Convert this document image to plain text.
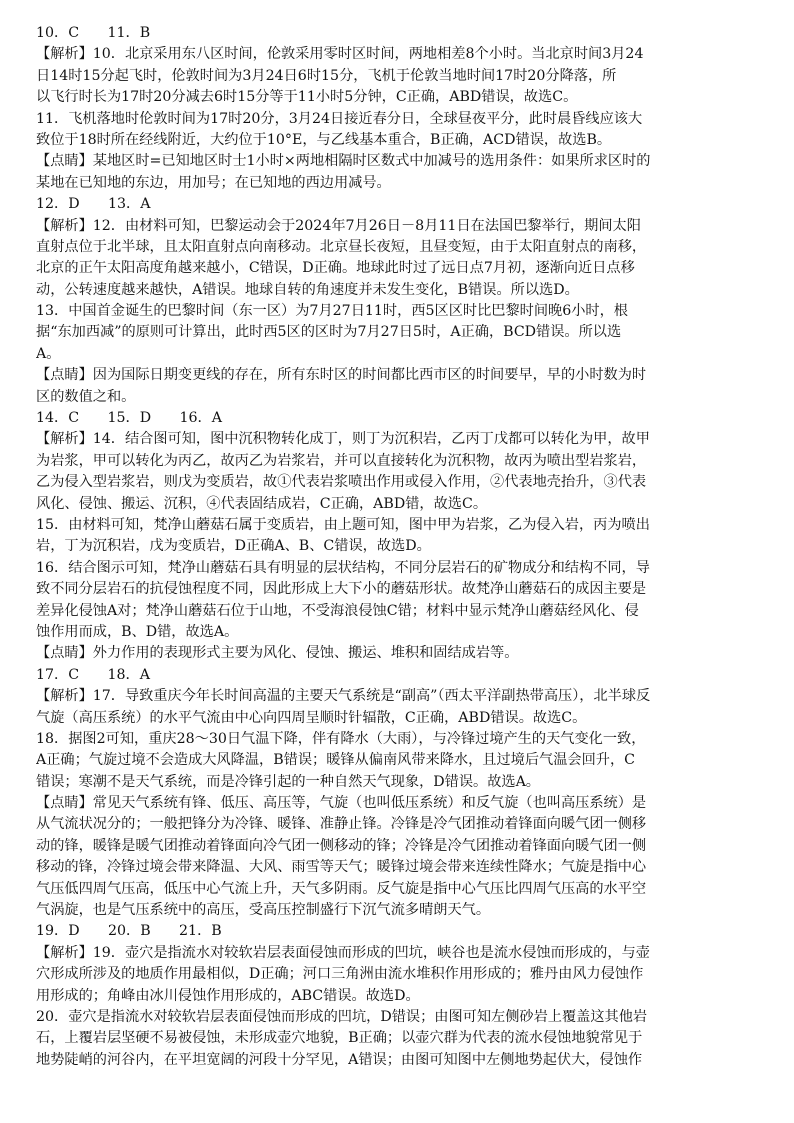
10．C　　11．B
【解析】10．北京采用东八区时间，伦敦采用零时区时间，两地相差8个小时。当北京时间3月24
日14时15分起飞时，伦敦时间为3月24日6时15分，飞机于伦敦当地时间17时20分降落，所
以飞行时长为17时20分减去6时15分等于11小时5分钟，C正确，ABD错误，故选C。
11．飞机落地时伦敦时间为17时20分，3月24日接近春分日，全球昼夜平分，此时晨昏线应该大
致位于18时所在经线附近，大约位于10°E，与乙线基本重合，B正确，ACD错误，故选B。
【点睛】某地区时=已知地区时士1小时×两地相隔时区数式中加减号的选用条件：如果所求区时的
某地在已知地的东边，用加号；在已知地的西边用减号。
12．D　　13．A
【解析】12．由材料可知，巴黎运动会于2024年7月26日－8月11日在法国巴黎举行，期间太阳
直射点位于北半球，且太阳直射点向南移动。北京昼长夜短，且昼变短，由于太阳直射点的南移，
北京的正午太阳高度角越来越小，C错误，D正确。地球此时过了远日点7月初，逐渐向近日点移
动，公转速度越来越快，A错误。地球自转的角速度并未发生变化，B错误。所以选D。
13．中国首金诞生的巴黎时间（东一区）为7月27日11时，西5区区时比巴黎时间晚6小时，根
据“东加西减”的原则可计算出，此时西5区的区时为7月27日5时，A正确，BCD错误。所以选
A。
【点睛】因为国际日期变更线的存在，所有东时区的时间都比西市区的时间要早，早的小时数为时
区的数值之和。
14．C　　15．D　　16．A
【解析】14．结合图可知，图中沉积物转化成丁，则丁为沉积岩，乙丙丁戊都可以转化为甲，故甲
为岩浆，甲可以转化为丙乙，故丙乙为岩浆岩，并可以直接转化为沉积物，故丙为喷出型岩浆岩，
乙为侵入型岩浆岩，则戊为变质岩，故①代表岩浆喷出作用或侵入作用，②代表地壳抬升，③代表
风化、侵蚀、搬运、沉积，④代表固结成岩，C正确，ABD错，故选C。
15．由材料可知，梵净山蘑菇石属于变质岩，由上题可知，图中甲为岩浆，乙为侵入岩，丙为喷出
岩，丁为沉积岩，戊为变质岩，D正确A、B、C错误，故选D。
16．结合图示可知，梵净山蘑菇石具有明显的层状结构，不同分层岩石的矿物成分和结构不同，导
致不同分层岩石的抗侵蚀程度不同，因此形成上大下小的蘑菇形状。故梵净山蘑菇石的成因主要是
差异化侵蚀A对；梵净山蘑菇石位于山地，不受海浪侵蚀C错；材料中显示梵净山蘑菇经风化、侵
蚀作用而成，B、D错，故选A。
【点睛】外力作用的表现形式主要为风化、侵蚀、搬运、堆积和固结成岩等。
17．C　　18．A
【解析】17．导致重庆今年长时间高温的主要天气系统是“副高”（西太平洋副热带高压），北半球反
气旋（高压系统）的水平气流由中心向四周呈顺时针辐散，C正确，ABD错误。故选C。
18．据图2可知，重庆28～30日气温下降，伴有降水（大雨），与冷锋过境产生的天气变化一致，
A正确；气旋过境不会造成大风降温，B错误；暖锋从偏南风带来降水，且过境后气温会回升，C
错误；寒潮不是天气系统，而是冷锋引起的一种自然天气现象，D错误。故选A。
【点睛】常见天气系统有锋、低压、高压等，气旋（也叫低压系统）和反气旋（也叫高压系统）是
从气流状况分的；一般把锋分为冷锋、暖锋、准静止锋。冷锋是冷气团推动着锋面向暖气团一侧移
动的锋，暖锋是暖气团推动着锋面向冷气团一侧移动的锋；冷锋是冷气团推动着锋面向暖气团一侧
移动的锋，冷锋过境会带来降温、大风、雨雪等天气；暖锋过境会带来连续性降水；气旋是指中心
气压低四周气压高，低压中心气流上升，天气多阴雨。反气旋是指中心气压比四周气压高的水平空
气涡旋，也是气压系统中的高压，受高压控制盛行下沉气流多晴朗天气。
19．D　　20．B　　21．B
【解析】19．壶穴是指流水对较软岩层表面侵蚀而形成的凹坑，峡谷也是流水侵蚀而形成的，与壶
穴形成所涉及的地质作用最相似，D正确；河口三角洲由流水堆积作用形成的；雅丹由风力侵蚀作
用形成的；角峰由冰川侵蚀作用形成的，ABC错误。故选D。
20．壶穴是指流水对较软岩层表面侵蚀而形成的凹坑，D错误；由图可知左侧砂岩上覆盖这其他岩
石，上覆岩层坚硬不易被侵蚀，未形成壶穴地貌，B正确；以壶穴群为代表的流水侵蚀地貌常见于
地势陡峭的河谷内，在平坦宽阔的河段十分罕见，A错误；由图可知图中左侧地势起伏大，侵蚀作
